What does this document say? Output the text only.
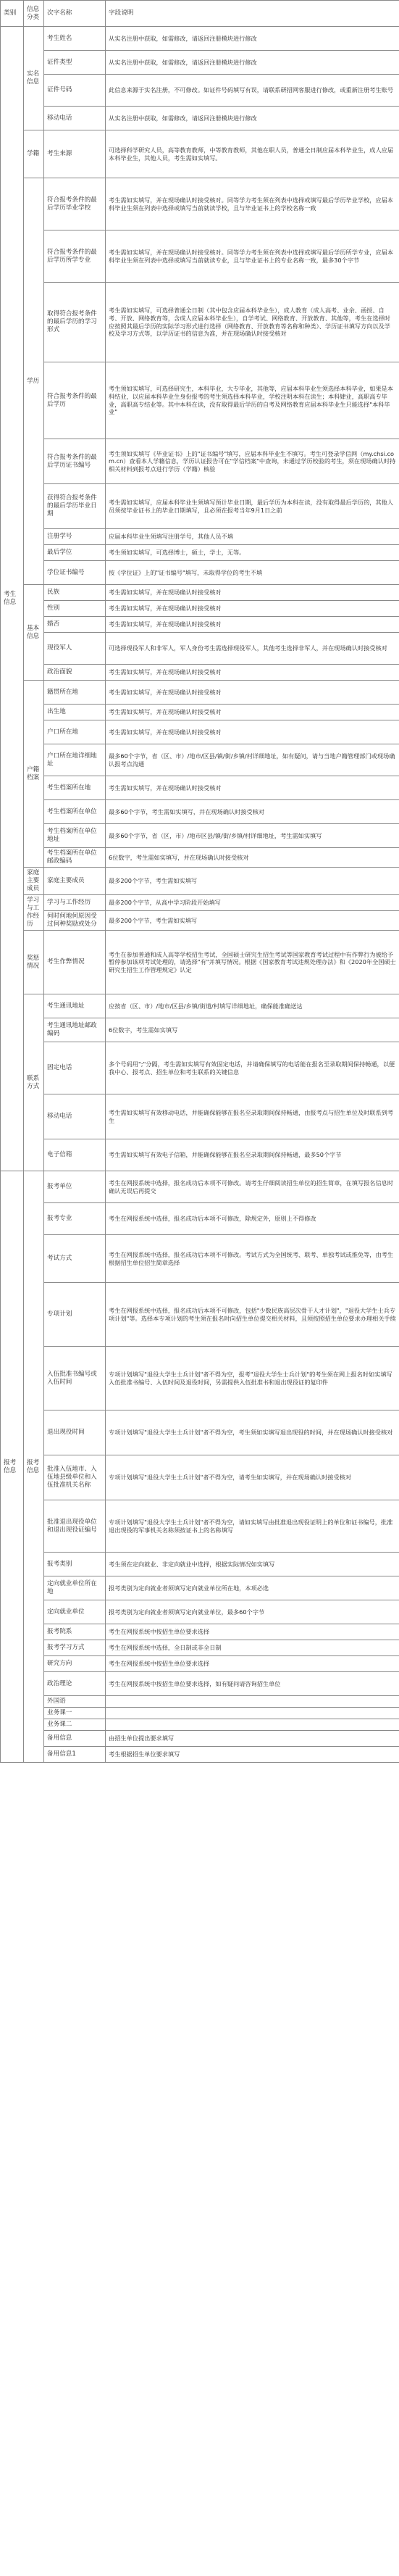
类别	信息分类	次字名称	字段说明
考生信息	实名信息	考生姓名	从实名注册中获取，如需修改，请返回注册模块进行修改
		证件类型	从实名注册中获取，如需修改，请返回注册模块进行修改
		证件号码	此信息来源于实名注册，不可修改。如证件号码填写有误，请联系研招网客服进行修改，或重新注册考生账号
		移动电话	从实名注册中获取，如需修改，请返回注册模块进行修改
	学籍	考生来源	可选择科学研究人员，高等教育教师，中等教育教师，其他在职人员，普通全日制应届本科毕业生，成人应届本科毕业生，其他人员，考生需如实填写。
	学历	符合报考条件的最后学历毕业学校	考生需如实填写，并在现场确认时接受核对。同等学力考生须在列表中选择或填写最后学历毕业学校，应届本科毕业生须在列表中选择或填写当前就读学校，且与毕业证书上的学校名称一致
		符合报考条件的最后学历所学专业	考生需如实填写，并在现场确认时接受核对。同等学力考生须在列表中选择或填写最后学历所学专业，应届本科毕业生须在列表中选择或填写当前就读专业，且与毕业证书上的专业名称一致，最多30个字节
		取得符合报考条件的最后学历的学习形式	考生需如实填写，可选择普通全日制（其中包含应届本科毕业生），成人教育（成人高考、业余、函授、自考、开放、网络教育等，含成人应届本科毕业生），自学考试、网络教育、开放教育、其他等，考生在选择时应按照其最后学历的实际学习形式进行选择（网络教育、开放教育等名称和种类）、学历证书填写方向以及学校及学习方式等，以学历证书的信息为准，并在现场确认时接受核对
		符合报考条件的最后学历	考生须如实填写，可选择研究生，本科毕业，大专毕业，其他等，应届本科毕业生须选择本科毕业，如果是本科结业，以应届本科毕业生身份报考的考生须选择本科毕业，学校注明本科在读生；本科肄业，高职高专毕业，高职高专结业等。其中本科在读，没有取得最后学历的自考及网络教育应届本科毕业生只能选择"本科毕业"
		符合报考条件的最后学历证书编号	考生须如实填写《毕业证书》上的"证书编号"填写，应届本科毕业生不填写。考生可登录学信网（my.chsi.com.cn）查看本人学籍信息，学历认证报告可在"学信档案"中查询，未通过学历校验的考生，须在现场确认时持相关材料到报考点进行学历（学籍）核验
		获得符合报考条件的最后学历毕业日期	考生需如实填写，应届本科毕业生须填写预计毕业日期，最后学历为本科在读，没有取得最后学历的，其他人员须按毕业证书上的毕业日期填写，且必须在报考当年9月1日之前
		注册学号	应届本科毕业生须填写注册学号，其他人员不填
		最后学位	考生须如实填写，可选择博士，硕士，学士，无等。
		学位证书编号	按《学位证》上的"证书编号"填写，未取得学位的考生不填
	基本信息	民族	考生需如实填写，并在现场确认时接受核对
		性别	考生需如实填写，并在现场确认时接受核对
		婚否	考生需如实填写，并在现场确认时接受核对
		现役军人	可选择现役军人和非军人，军人身份考生需选择现役军人，其他考生选择非军人，并在现场确认时接受核对
		政治面貌	考生需如实填写，并在现场确认时接受核对
	户籍档案	籍贯所在地	考生需如实填写，并在现场确认时接受核对
		出生地	考生需如实填写，并在现场确认时接受核对
		户口所在地	考生需如实填写，并在现场确认时接受核对
		户口所在地详细地址	最多60个字节，省（区、市）/地市/区县/镇/街/乡镇/村详细地址，如有疑问，请与当地户籍管理部门或现场确认报考点沟通
		考生档案所在地	考生需如实填写，并在现场确认时接受核对
		考生档案所在单位	最多60个字节，考生需如实填写，并在现场确认时接受核对
		考生档案所在单位地址	最多60个字节，省（区，市）/地市区县/镇/街/乡镇/村详细地址，考生需如实填写
		考生档案所在单位邮政编码	6位数字，考生需如实填写，并在现场确认时接受核对
	家庭主要成员	家庭主要成员	最多200个字节，考生需如实填写
	学习与工作经历	学习与工作经历	最多200个字节，从高中学习阶段开始填写
		何时何地何原因受过何种奖励或处分	最多200个字节，考生需如实填写
	奖惩情况	考生作弊情况	考生在参加普通和成人高等学校招生考试，全国硕士研究生招生考试等国家教育考试过程中有作弊行为被给予暂停参加该项考试处理的，请选择"有"并填写情况。根据《国家教育考试违规处理办法》和《2020年全国硕士研究生招生工作管理规定》认定
	联系方式	考生通讯地址	应按省（区、市）/地市/区县/乡镇/街道/村填写详细地址，确保能准确送达
		考生通讯地址邮政编码	6位数字，考生需如实填写
		固定电话	多个号码用";"分隔，考生需如实填写有效固定电话，并请确保填写的电话能在报名至录取期间保持畅通，以便我中心、报考点、招生单位和考生联系的关键信息
		移动电话	考生需如实填写有效移动电话，并能确保能够在报名至录取期间保持畅通，由报考点与招生单位及时联系到考生
		电子信箱	考生需如实填写有效电子信箱，并能确保能够在报名至录取期间保持畅通，最多50个字节
报考信息	报考信息	报考单位	考生在网报系统中选择，报名成功后本项不可修改。请考生仔细阅读招生单位的招生简章，在填写报名信息时确认无误后再提交
		报考专业	考生在网报系统中选择，报名成功后本项不可修改，除规定外，原则上不得修改
		考试方式	考生在网报系统中选择，报名成功后本项不可修改。考试方式为全国统考、联考、单独考试或推免等，由考生根据招生单位招生简章选择
		专项计划	考生在网报系统中选择，报名成功后本项不可修改，包括"少数民族高层次骨干人才计划"，"退役大学生士兵专项计划"等。选择本专项计划的考生须在报名时向招生单位提交相关材料，且须按照招生单位要求办理相关手续
		入伍批准书编号或入伍时间	专项计划填写"退役大学生士兵计划"者不得为空，报考"退役大学生士兵计划"的考生须在网上报名时如实填写入伍批准书编号、入伍时间及退役时间，另需提供入伍批准书和退出现役证的复印件
		退出现役时间	专项计划填写"退役大学生士兵计划"者不得为空，考生须如实填写退出现役的时间，并在现场确认时接受核对
		批准入伍地市、入伍地县级单位和入伍批准机关名称	专项计划填写"退役大学生士兵计划"者不得为空，请考生如实填写，并在现场确认时接受核对
		批准退出现役单位和退出现役证编号	专项计划填写"退役大学生士兵计划"者不得为空，请如实填写由批准退出现役证明上的单位和证书编号，批准退出现役的军事机关名称须按证书上的名称填写
		报考类别	考生须在定向就业、非定向就业中选择，根据实际情况如实填写
		定向就业单位所在地	报考类别为定向就业者须填写定向就业单位所在地，本项必选
		定向就业单位	报考类别为定向就业者须填写定向就业单位，最多60个字节
		报考院系	考生在网报系统中按招生单位要求选择
		报考学习方式	考生在网报系统中选择，全日制或非全日制
		研究方向	考生在网报系统中按招生单位要求选择
		政治理论	考生在网报系统中按招生单位要求选择，如有疑问请咨询招生单位
		外国语	
		业务课一	
		业务课二	
		备用信息	由招生单位提出要求填写
		备用信息1	考生根据招生单位要求填写
